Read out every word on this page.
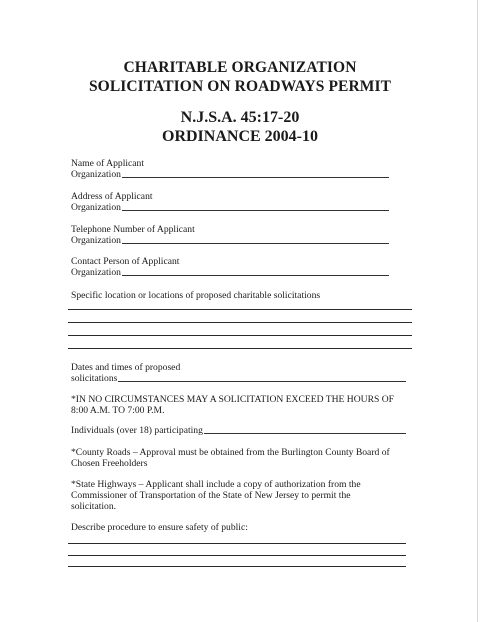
CHARITABLE ORGANIZATION
SOLICITATION ON ROADWAYS PERMIT
N.J.S.A. 45:17-20
ORDINANCE 2004-10
Name of Applicant
Organization
Address of Applicant
Organization
Telephone Number of Applicant
Organization
Contact Person of Applicant
Organization
Specific location or locations of proposed charitable solicitations
Dates and times of proposed
solicitations
*IN NO CIRCUMSTANCES MAY A SOLICITATION EXCEED THE HOURS OF
8:00 A.M. TO 7:00 P.M.
Individuals (over 18) participating
*County Roads – Approval must be obtained from the Burlington County Board of
Chosen Freeholders
*State Highways – Applicant shall include a copy of authorization from the
Commissioner of Transportation of the State of New Jersey to permit the
solicitation.
Describe procedure to ensure safety of public:
